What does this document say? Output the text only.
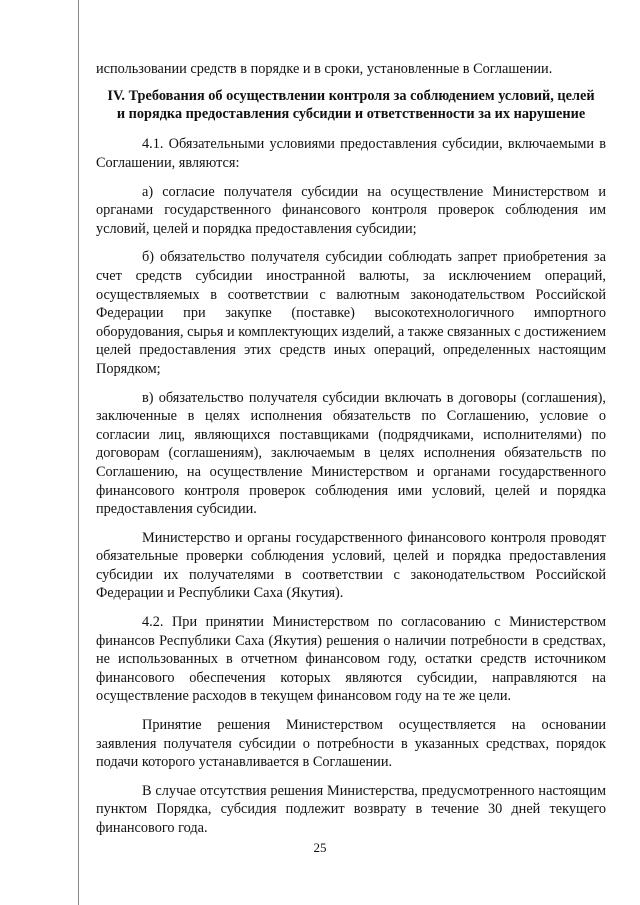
использовании средств в порядке и в сроки, установленные в Соглашении.

IV. Требования об осуществлении контроля за соблюдением условий, целей и порядка предоставления субсидии и ответственности за их нарушение

4.1. Обязательными условиями предоставления субсидии, включаемыми в Соглашении, являются:

а) согласие получателя субсидии на осуществление Министерством и органами государственного финансового контроля проверок соблюдения им условий, целей и порядка предоставления субсидии;

б) обязательство получателя субсидии соблюдать запрет приобретения за счет средств субсидии иностранной валюты, за исключением операций, осуществляемых в соответствии с валютным законодательством Российской Федерации при закупке (поставке) высокотехнологичного импортного оборудования, сырья и комплектующих изделий, а также связанных с достижением целей предоставления этих средств иных операций, определенных настоящим Порядком;

в) обязательство получателя субсидии включать в договоры (соглашения), заключенные в целях исполнения обязательств по Соглашению, условие о согласии лиц, являющихся поставщиками (подрядчиками, исполнителями) по договорам (соглашениям), заключаемым в целях исполнения обязательств по Соглашению, на осуществление Министерством и органами государственного финансового контроля проверок соблюдения ими условий, целей и порядка предоставления субсидии.

Министерство и органы государственного финансового контроля проводят обязательные проверки соблюдения условий, целей и порядка предоставления субсидии их получателями в соответствии с законодательством Российской Федерации и Республики Саха (Якутия).

4.2. При принятии Министерством по согласованию с Министерством финансов Республики Саха (Якутия) решения о наличии потребности в средствах, не использованных в отчетном финансовом году, остатки средств источником финансового обеспечения которых являются субсидии, направляются на осуществление расходов в текущем финансовом году на те же цели.

Принятие решения Министерством осуществляется на основании заявления получателя субсидии о потребности в указанных средствах, порядок подачи которого устанавливается в Соглашении.

В случае отсутствия решения Министерства, предусмотренного настоящим пунктом Порядка, субсидия подлежит возврату в течение 30 дней текущего финансового года.

25
